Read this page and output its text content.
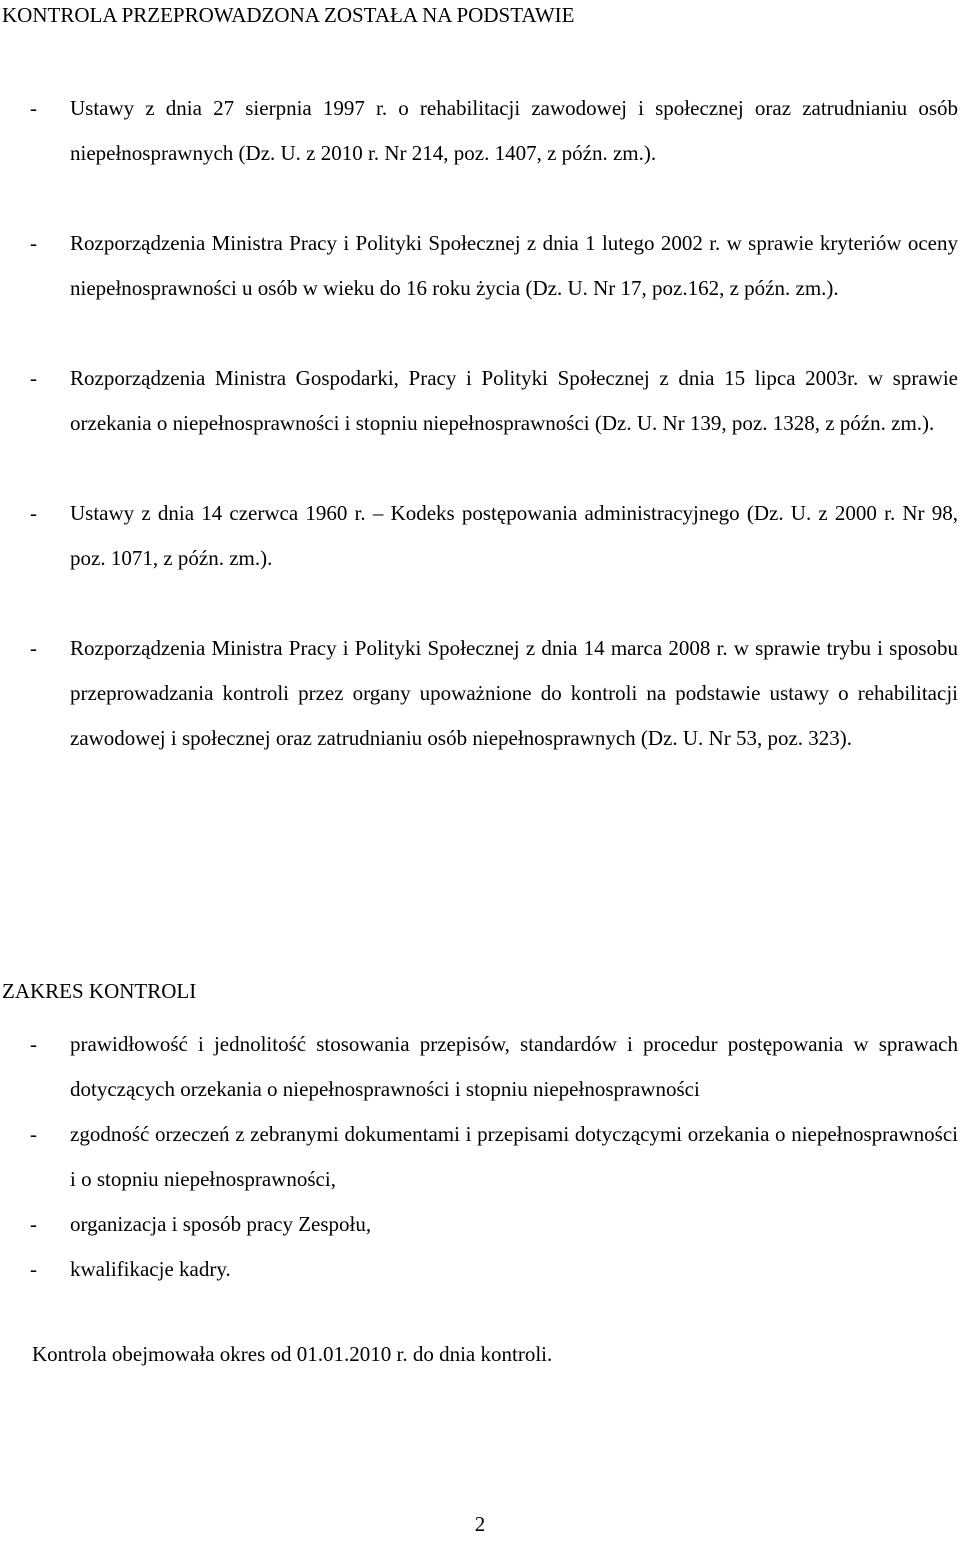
KONTROLA PRZEPROWADZONA ZOSTAŁA NA PODSTAWIE
- Ustawy z dnia 27 sierpnia 1997 r. o rehabilitacji zawodowej i społecznej oraz zatrudnianiu osób niepełnosprawnych (Dz. U. z 2010 r. Nr 214, poz. 1407, z późn. zm.).
- Rozporządzenia Ministra Pracy i Polityki Społecznej z dnia 1 lutego 2002 r. w sprawie kryteriów oceny niepełnosprawności u osób w wieku do 16 roku życia (Dz. U. Nr 17, poz.162, z późn. zm.).
- Rozporządzenia Ministra Gospodarki, Pracy i Polityki Społecznej z dnia 15 lipca 2003r. w sprawie orzekania o niepełnosprawności i stopniu niepełnosprawności (Dz. U. Nr 139, poz. 1328, z późn. zm.).
- Ustawy z dnia 14 czerwca 1960 r. – Kodeks postępowania administracyjnego (Dz. U. z 2000 r. Nr 98, poz. 1071, z późn. zm.).
- Rozporządzenia Ministra Pracy i Polityki Społecznej z dnia 14 marca 2008 r. w sprawie trybu i sposobu przeprowadzania kontroli przez organy upoważnione do kontroli na podstawie ustawy o rehabilitacji zawodowej i społecznej oraz zatrudnianiu osób niepełnosprawnych (Dz. U. Nr 53, poz. 323).
ZAKRES KONTROLI
- prawidłowość i jednolitość stosowania przepisów, standardów i procedur postępowania w sprawach dotyczących orzekania o niepełnosprawności i stopniu niepełnosprawności
- zgodność orzeczeń z zebranymi dokumentami i przepisami dotyczącymi orzekania o niepełnosprawności i o stopniu niepełnosprawności,
- organizacja i sposób pracy Zespołu,
- kwalifikacje kadry.
Kontrola obejmowała okres od 01.01.2010 r. do dnia kontroli.
2
